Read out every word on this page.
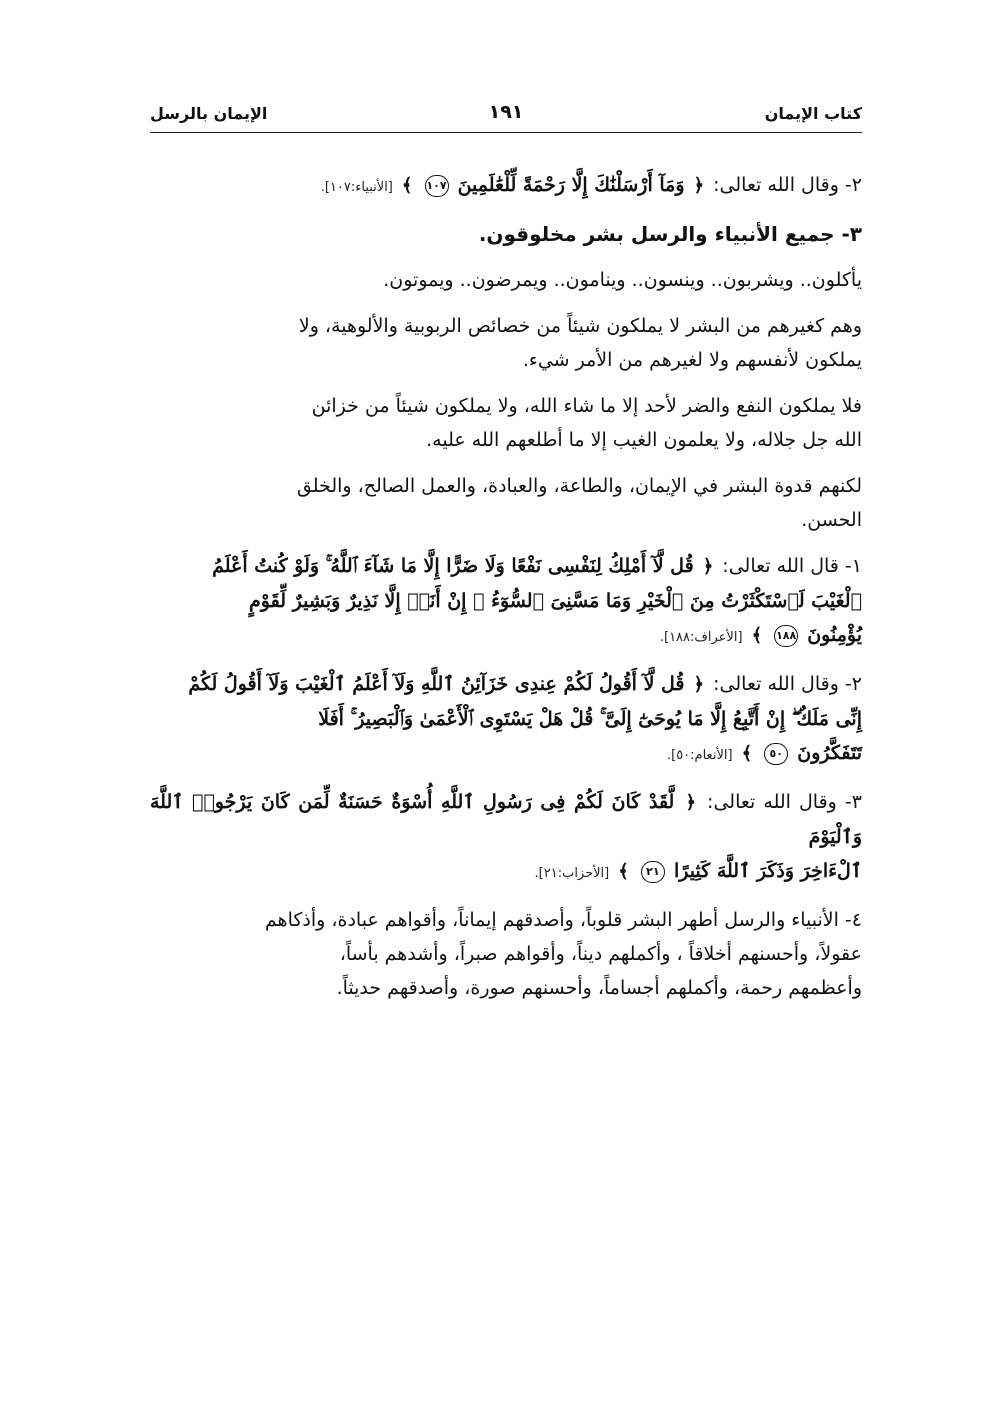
كتاب الإيمان
١٩١
الإيمان بالرسل

٢- وقال الله تعالى: ﴿ وَمَآ أَرْسَلْنَٰكَ إِلَّا رَحْمَةً لِّلْعَٰلَمِينَ ١٠٧ ﴾ [الأنبياء:١٠٧].

٣- جميع الأنبياء والرسل بشر مخلوقون.

يأكلون.. ويشربون.. وينسون.. وينامون.. ويمرضون.. ويموتون.

وهم كغيرهم من البشر لا يملكون شيئاً من خصائص الربوبية والألوهية، ولا

يملكون لأنفسهم ولا لغيرهم من الأمر شيء.

فلا يملكون النفع والضر لأحد إلا ما شاء الله، ولا يملكون شيئاً من خزائن

الله جل جلاله، ولا يعلمون الغيب إلا ما أطلعهم الله عليه.

لكنهم قدوة البشر في الإيمان، والطاعة، والعبادة، والعمل الصالح، والخلق

الحسن.

١- قال الله تعالى: ﴿ قُل لَّآ أَمْلِكُ لِنَفْسِى نَفْعًا وَلَا ضَرًّا إِلَّا مَا شَآءَ ٱللَّهُ ۚ وَلَوْ كُنتُ أَعْلَمُ

ٱلْغَيْبَ لَٱسْتَكْثَرْتُ مِنَ ٱلْخَيْرِ وَمَا مَسَّنِىَ ٱلسُّوٓءُ ۚ إِنْ أَنَا۠ إِلَّا نَذِيرٌ وَبَشِيرٌ لِّقَوْمٍ

يُؤْمِنُونَ ١٨٨ ﴾ [الأعراف:١٨٨].

٢- وقال الله تعالى: ﴿ قُل لَّآ أَقُولُ لَكُمْ عِندِى خَزَآئِنُ ٱللَّهِ وَلَآ أَعْلَمُ ٱلْغَيْبَ وَلَآ أَقُولُ لَكُمْ

إِنِّى مَلَكٌ ۖ إِنْ أَتَّبِعُ إِلَّا مَا يُوحَىٰٓ إِلَىَّ ۚ قُلْ هَلْ يَسْتَوِى ٱلْأَعْمَىٰ وَٱلْبَصِيرُ ۚ أَفَلَا

تَتَفَكَّرُونَ ٥٠ ﴾ [الأنعام:٥٠].

٣- وقال الله تعالى: ﴿ لَّقَدْ كَانَ لَكُمْ فِى رَسُولِ ٱللَّهِ أُسْوَةٌ حَسَنَةٌ لِّمَن كَانَ يَرْجُوا۟ ٱللَّهَ وَٱلْيَوْمَ

ٱلْءَاخِرَ وَذَكَرَ ٱللَّهَ كَثِيرًا ٢١ ﴾ [الأحزاب:٢١].

٤- الأنبياء والرسل أطهر البشر قلوباً، وأصدقهم إيماناً، وأقواهم عبادة، وأذكاهم

عقولاً، وأحسنهم أخلاقاً ، وأكملهم ديناً، وأقواهم صبراً، وأشدهم بأساً،

وأعظمهم رحمة، وأكملهم أجساماً، وأحسنهم صورة، وأصدقهم حديثاً.
